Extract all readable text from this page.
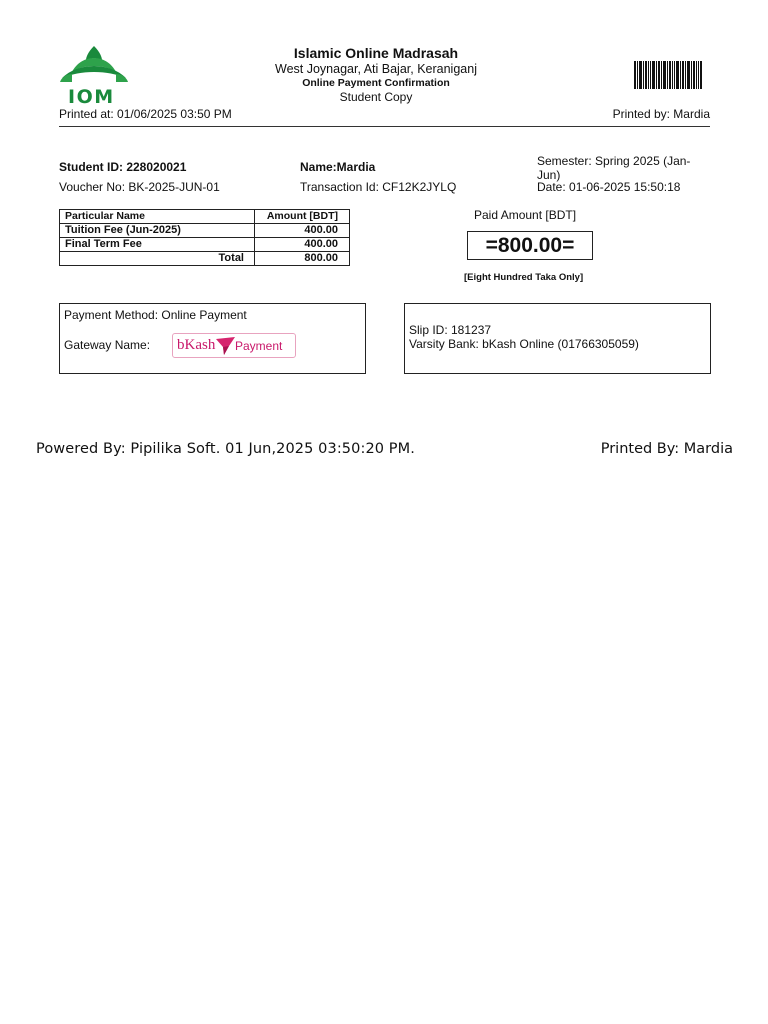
IOM
Islamic Online Madrasah
West Joynagar, Ati Bajar, Keraniganj
Online Payment Confirmation
Student Copy
Printed at: 01/06/2025 03:50 PM	Printed by: Mardia
Student ID: 228020021
Voucher No: BK-2025-JUN-01
Name:Mardia
Transaction Id: CF12K2JYLQ
Semester: Spring 2025 (Jan-Jun)
Date: 01-06-2025 15:50:18
Particular Name	Amount [BDT]
Tuition Fee (Jun-2025)	400.00
Final Term Fee	400.00
Total	800.00
Paid Amount [BDT]
=800.00=
[Eight Hundred Taka Only]
Payment Method: Online Payment
Gateway Name: bKash Payment
Slip ID: 181237
Varsity Bank: bKash Online (01766305059)
Powered By: Pipilika Soft. 01 Jun,2025 03:50:20 PM.	Printed By: Mardia
